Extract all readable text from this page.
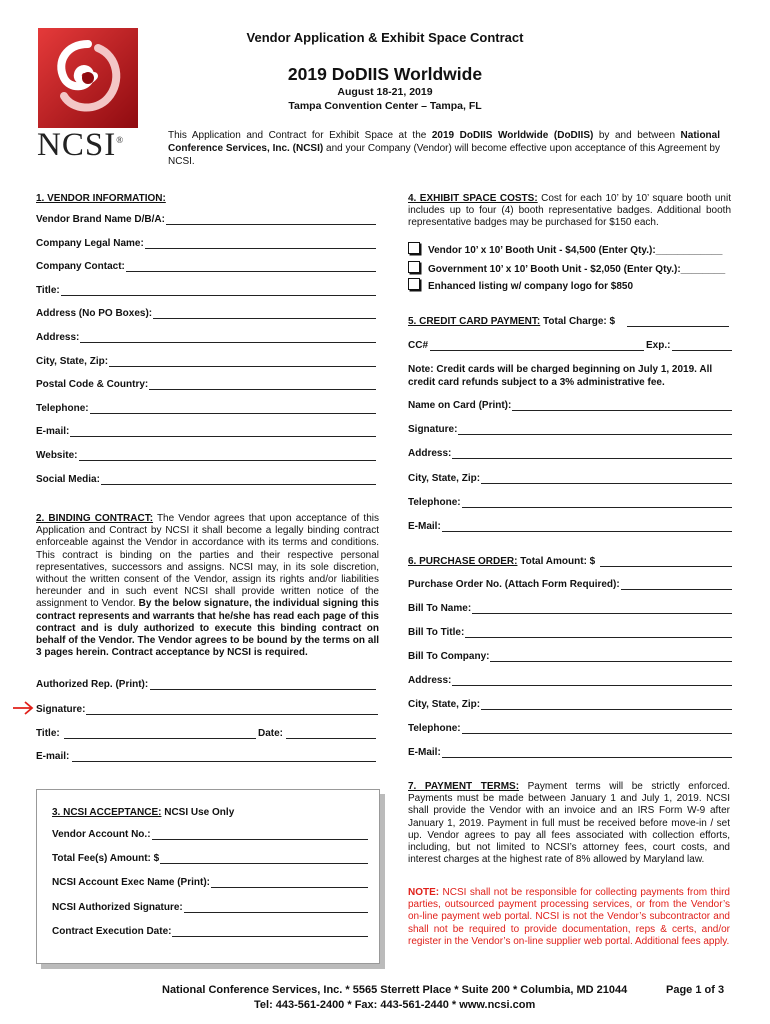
NCSI®
Vendor Application & Exhibit Space Contract
2019 DoDIIS Worldwide
August 18-21, 2019
Tampa Convention Center – Tampa, FL
This Application and Contract for Exhibit Space at the 2019 DoDIIS Worldwide (DoDIIS) by and between National Conference Services, Inc. (NCSI) and your Company (Vendor) will become effective upon acceptance of this Agreement by NCSI.
1. VENDOR INFORMATION:
Vendor Brand Name D/B/A:
Company Legal Name:
Company Contact:
Title:
Address (No PO Boxes):
Address:
City, State, Zip:
Postal Code & Country:
Telephone:
E-mail:
Website:
Social Media:
2. BINDING CONTRACT: The Vendor agrees that upon acceptance of this Application and Contract by NCSI it shall become a legally binding contract enforceable against the Vendor in accordance with its terms and conditions. This contract is binding on the parties and their respective personal representatives, successors and assigns. NCSI may, in its sole discretion, without the written consent of the Vendor, assign its rights and/or liabilities hereunder and in such event NCSI shall provide written notice of the assignment to Vendor. By the below signature, the individual signing this contract represents and warrants that he/she has read each page of this contract and is duly authorized to execute this binding contract on behalf of the Vendor. The Vendor agrees to be bound by the terms on all 3 pages herein. Contract acceptance by NCSI is required.
Authorized Rep. (Print):
Signature:
Title:	Date:
E-mail:
3. NCSI ACCEPTANCE: NCSI Use Only
Vendor Account No.:
Total Fee(s) Amount: $
NCSI Account Exec Name (Print):
NCSI Authorized Signature:
Contract Execution Date:
4. EXHIBIT SPACE COSTS: Cost for each 10’ by 10’ square booth unit includes up to four (4) booth representative badges. Additional booth representative badges may be purchased for $150 each.
Vendor 10’ x 10’ Booth Unit - $4,500 (Enter Qty.):____________
Government 10’ x 10’ Booth Unit - $2,050 (Enter Qty.):________
Enhanced listing w/ company logo for $850
5. CREDIT CARD PAYMENT: Total Charge: $
CC#	Exp.:
Note: Credit cards will be charged beginning on July 1, 2019. All credit card refunds subject to a 3% administrative fee.
Name on Card (Print):
Signature:
Address:
City, State, Zip:
Telephone:
E-Mail:
6. PURCHASE ORDER: Total Amount: $
Purchase Order No. (Attach Form Required):
Bill To Name:
Bill To Title:
Bill To Company:
Address:
City, State, Zip:
Telephone:
E-Mail:
7. PAYMENT TERMS: Payment terms will be strictly enforced. Payments must be made between January 1 and July 1, 2019. NCSI shall provide the Vendor with an invoice and an IRS Form W-9 after January 1, 2019. Payment in full must be received before move-in / set up. Vendor agrees to pay all fees associated with collection efforts, including, but not limited to NCSI’s attorney fees, court costs, and interest charges at the highest rate of 8% allowed by Maryland law.
NOTE: NCSI shall not be responsible for collecting payments from third parties, outsourced payment processing services, or from the Vendor’s on-line payment web portal. NCSI is not the Vendor’s subcontractor and shall not be required to provide documentation, reps & certs, and/or register in the Vendor’s on-line supplier web portal. Additional fees apply.
National Conference Services, Inc. * 5565 Sterrett Place * Suite 200 * Columbia, MD 21044
Tel: 443-561-2400 * Fax: 443-561-2440 * www.ncsi.com
Page 1 of 3
